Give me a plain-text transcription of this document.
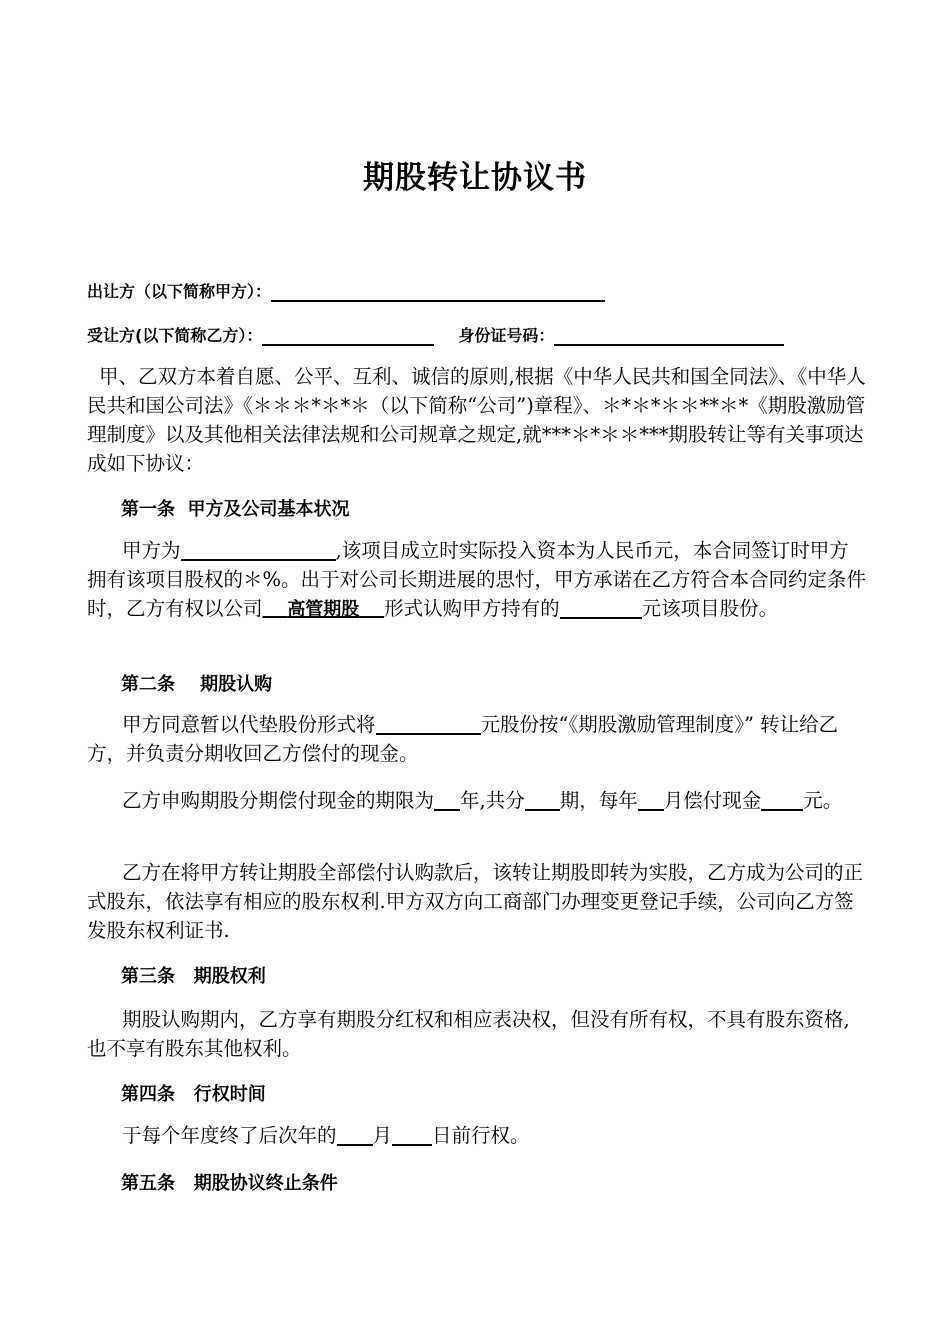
期股转让协议书
出让方（以下简称甲方）：
受让方(以下简称乙方）：	身份证号码：

甲、乙双方本着自愿、公平、互利、诚信的原则,根据《中华人民共和国全同法》、《中华人民共和国公司法》《＊＊＊*＊*＊（以下简称“公司”)章程》、＊*＊*＊＊**＊*《期股激励管理制度》以及其他相关法律法规和公司规章之规定,就***＊*＊＊***期股转让等有关事项达成如下协议：

第一条  甲方及公司基本状况

甲方为	,该项目成立时实际投入资本为人民币元，本合同签订时甲方拥有该项目股权的＊%。出于对公司长期进展的思忖，甲方承诺在乙方符合本合同约定条件时，乙方有权以公司 高管期股 形式认购甲方持有的	元该项目股份。

第二条    期股认购

甲方同意暂以代垫股份形式将	元股份按“《期股激励管理制度》” 转让给乙方，并负责分期收回乙方偿付的现金。

乙方申购期股分期偿付现金的期限为 年,共分 期，每年 月偿付现金 元。

乙方在将甲方转让期股全部偿付认购款后，该转让期股即转为实股，乙方成为公司的正式股东，依法享有相应的股东权利.甲方双方向工商部门办理变更登记手续，公司向乙方签发股东权利证书.

第三条   期股权利

期股认购期内，乙方享有期股分红权和相应表决权，但没有所有权，不具有股东资格,也不享有股东其他权利。

第四条   行权时间

于每个年度终了后次年的 月 日前行权。

第五条   期股协议终止条件
